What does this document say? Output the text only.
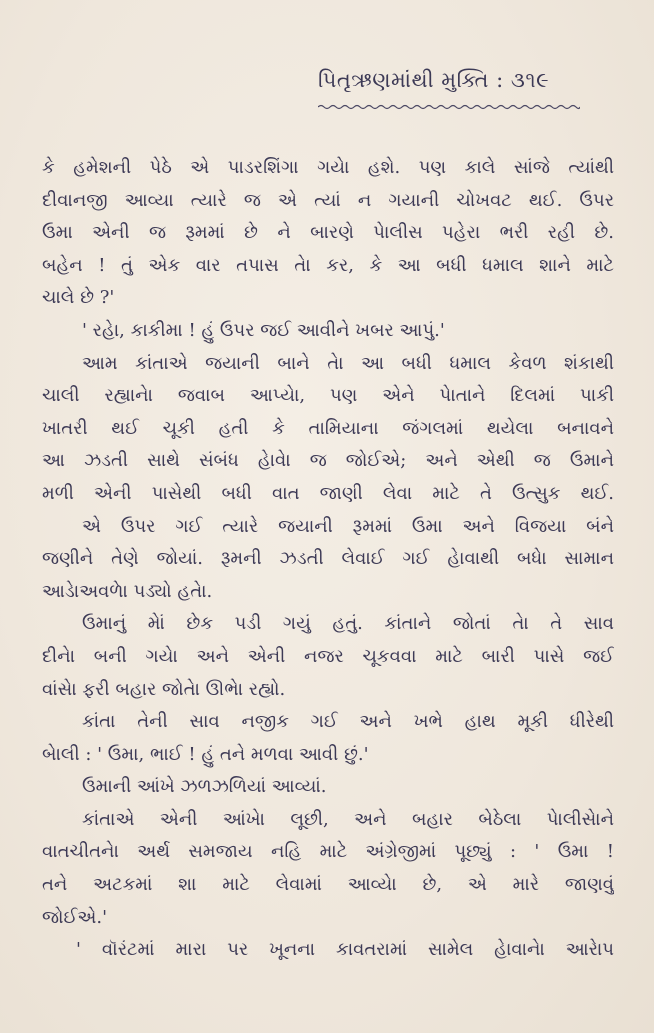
પિતૃઋણમાંથી મુક્તિ : ૩૧૯
કે હમેશની પેઠે એ પાડરશિંગા ગયેા હશે. પણ કાલે સાંજે ત્યાંથી
દીવાનજી આવ્યા ત્યારે જ એ ત્યાં ન ગયાની ચોખવટ થઈ. ઉપર
ઉમા એની જ રૂમમાં છે ને બારણે પેાલીસ પહેરા ભરી રહી છે.
બહેન ! તું એક વાર તપાસ તેા કર, કે આ બધી ધમાલ શાને માટે
ચાલે છે ?'
' રહેા, કાકીમા ! હું ઉપર જઈ આવીને ખબર આપું.'
આમ કાંતાએ જયાની બાને તેા આ બધી ધમાલ કેવળ શંકાથી
ચાલી રહ્યાનેા જવાબ આપ્યેા, પણ એને પેાતાને દિલમાં પાકી
ખાતરી થઈ ચૂકી હતી કે તામિયાના જંગલમાં થયેલા બનાવને
આ ઝડતી સાથે સંબંધ હેાવેા જ જોઈએ; અને એથી જ ઉમાને
મળી એની પાસેથી બધી વાત જાણી લેવા માટે તે ઉત્સુક થઈ.
એ ઉપર ગઈ ત્યારે જયાની રૂમમાં ઉમા અને વિજયા બંને
જણીને તેણે જોયાં. રૂમની ઝડતી લેવાઈ ગઈ હેાવાથી બધેા સામાન
આડેાઅવળેા પડ્યો હતેા.
ઉમાનું મેાં છેક પડી ગયું હતું. કાંતાને જોતાં તેા તે સાવ
દીનેા બની ગયેા અને એની નજર ચૂકવવા માટે બારી પાસે જઈ
વાંસેા ફરી બહાર જોતેા ઊભેા રહ્યો.
કાંતા તેની સાવ નજીક ગઈ અને ખભે હાથ મૂકી ધીરેથી
બેાલી : ' ઉમા, ભાઈ ! હું તને મળવા આવી છું.'
ઉમાની આંખે ઝળઝળિયાં આવ્યાં.
કાંતાએ એની આંખેા લૂછી, અને બહાર બેઠેલા પેાલીસેાને
વાતચીતનેા અર્થ સમજાય નહિ માટે અંગ્રેજીમાં પૂછ્યું : ' ઉમા !
તને અટકમાં શા માટે લેવામાં આવ્યેા છે, એ મારે જાણવું
જોઈએ.'
' વૉરંટમાં મારા પર ખૂનના કાવતરામાં સામેલ હેાવાનેા આરેાપ
